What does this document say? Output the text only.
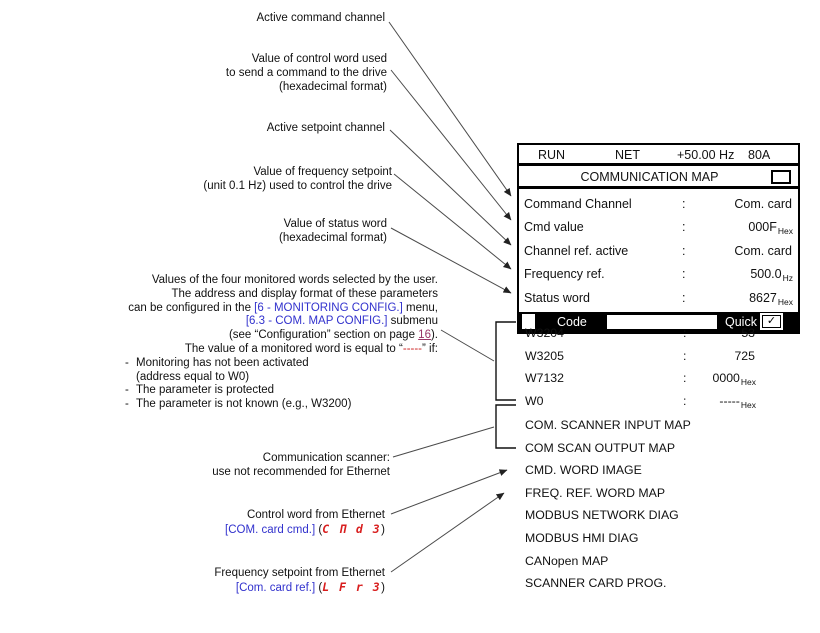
Active command channel
Value of control word used
to send a command to the drive
(hexadecimal format)
Active setpoint channel
Value of frequency setpoint
(unit 0.1 Hz) used to control the drive
Value of status word
(hexadecimal format)
Values of the four monitored words selected by the user.
The address and display format of these parameters
can be configured in the [6 - MONITORING CONFIG.] menu,
[6.3 - COM. MAP CONFIG.] submenu
(see “Configuration” section on page 16).
The value of a monitored word is equal to “-----” if:
- Monitoring has not been activated
(address equal to W0)
- The parameter is protected
- The parameter is not known (e.g., W3200)
Communication scanner:
use not recommended for Ethernet
Control word from Ethernet
[COM. card cmd.] (C Π d 3)
Frequency setpoint from Ethernet
[Com. card ref.] (L F r 3)
RUN	NET	+50.00 Hz 80A
COMMUNICATION MAP
Command Channel	:	Com. card
Cmd value	:	000FHex
Channel ref. active	:	Com. card
Frequency ref.	:	500.0Hz
Status word	:	8627Hex
Code	Quick ✓
W3204	:	53
W3205	:	725
W7132	:	0000Hex
W0	:	-----Hex
COM. SCANNER INPUT MAP
COM SCAN OUTPUT MAP
CMD. WORD IMAGE
FREQ. REF. WORD MAP
MODBUS NETWORK DIAG
MODBUS HMI DIAG
CANopen MAP
SCANNER CARD PROG.
